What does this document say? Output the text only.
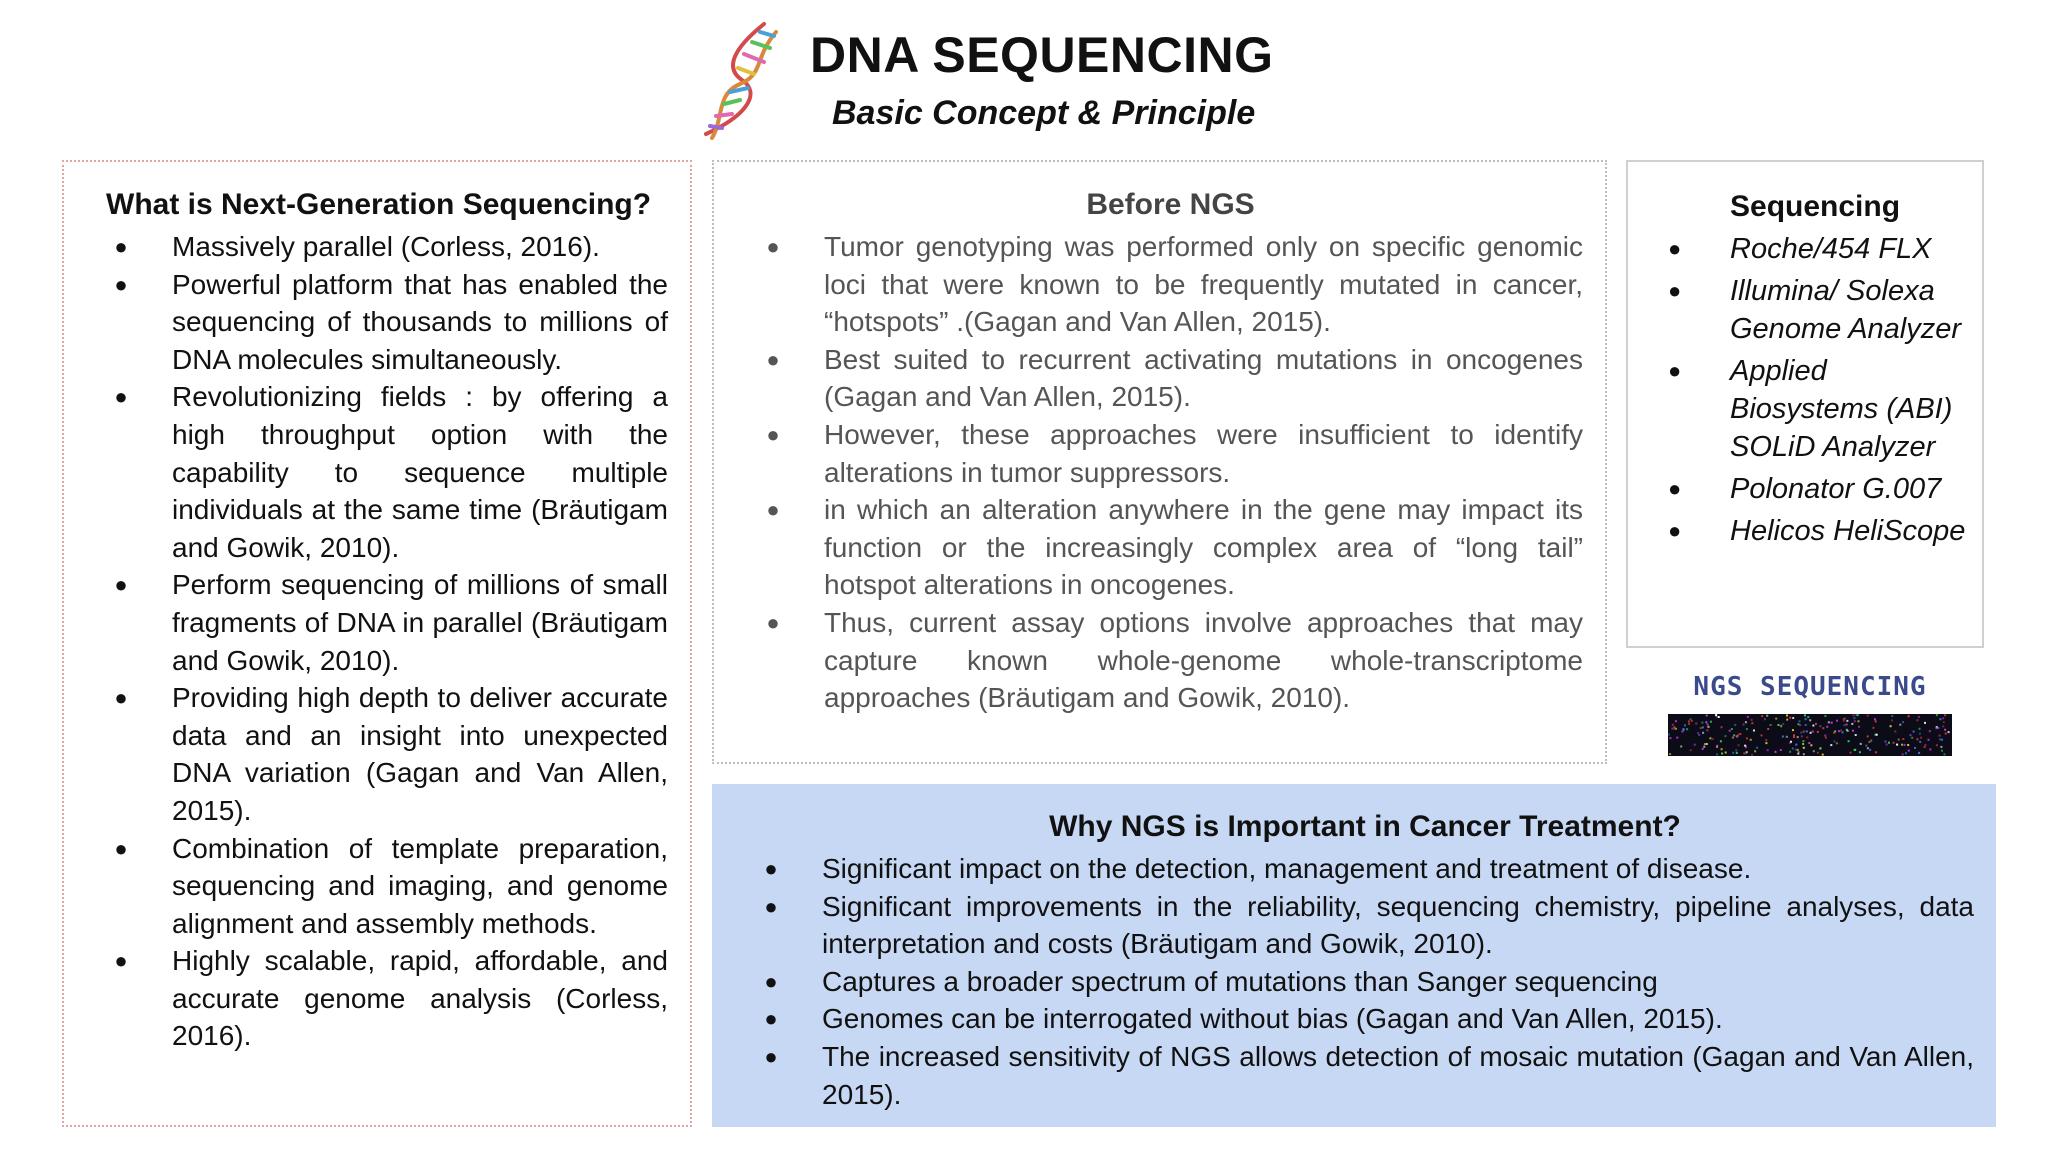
DNA SEQUENCING
Basic Concept & Principle
What is Next-Generation Sequencing?
● Massively parallel (Corless, 2016).
● Powerful platform that has enabled the sequencing of thousands to millions of DNA molecules simultaneously.
● Revolutionizing fields : by offering a high throughput option with the capability to sequence multiple individuals at the same time (Bräutigam and Gowik, 2010).
● Perform sequencing of millions of small fragments of DNA in parallel (Bräutigam and Gowik, 2010).
● Providing high depth to deliver accurate data and an insight into unexpected DNA variation (Gagan and Van Allen, 2015).
● Combination of template preparation, sequencing and imaging, and genome alignment and assembly methods.
● Highly scalable, rapid, affordable, and accurate genome analysis (Corless, 2016).
Before NGS
● Tumor genotyping was performed only on specific genomic loci that were known to be frequently mutated in cancer, “hotspots” .(Gagan and Van Allen, 2015).
● Best suited to recurrent activating mutations in oncogenes (Gagan and Van Allen, 2015).
● However, these approaches were insufficient to identify alterations in tumor suppressors.
● in which an alteration anywhere in the gene may impact its function or the increasingly complex area of “long tail” hotspot alterations in oncogenes.
● Thus, current assay options involve approaches that may capture known whole-genome whole-transcriptome approaches (Bräutigam and Gowik, 2010).
Sequencing
● Roche/454 FLX
● Illumina/ Solexa Genome Analyzer
● Applied Biosystems (ABI) SOLiD Analyzer
● Polonator G.007
● Helicos HeliScope
NGS SEQUENCING
Why NGS is Important in Cancer Treatment?
● Significant impact on the detection, management and treatment of disease.
● Significant improvements in the reliability, sequencing chemistry, pipeline analyses, data interpretation and costs (Bräutigam and Gowik, 2010).
● Captures a broader spectrum of mutations than Sanger sequencing
● Genomes can be interrogated without bias (Gagan and Van Allen, 2015).
● The increased sensitivity of NGS allows detection of mosaic mutation (Gagan and Van Allen, 2015).
